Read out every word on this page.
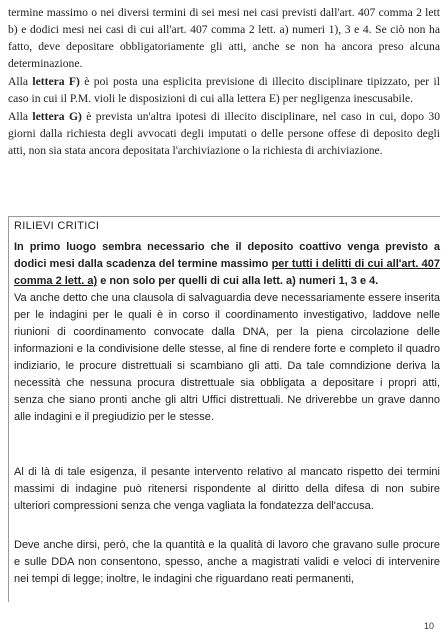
termine massimo o nei diversi termini di sei mesi nei casi previsti dall'art. 407 comma 2 lett b) e dodici mesi nei casi di cui all'art. 407 comma 2 lett. a) numeri 1), 3 e 4. Se ciò non ha fatto, deve depositare obbligatoriamente gli atti, anche se non ha ancora preso alcuna determinazione.

Alla lettera F) è poi posta una esplicita previsione di illecito disciplinare tipizzato, per il caso in cui il P.M. violi le disposizioni di cui alla lettera E) per negligenza inescusabile.

Alla lettera G) è prevista un'altra ipotesi di illecito disciplinare, nel caso in cui, dopo 30 giorni dalla richiesta degli avvocati degli imputati o delle persone offese di deposito degli atti, non sia stata ancora depositata l'archiviazione o la richiesta di archiviazione.

RILIEVI CRITICI

In primo luogo sembra necessario che il deposito coattivo venga previsto a dodici mesi dalla scadenza del termine massimo per tutti i delitti di cui all'art. 407 comma 2 lett. a) e non solo per quelli di cui alla lett. a) numeri 1, 3 e 4.

Va anche detto che una clausola di salvaguardia deve necessariamente essere inserita per le indagini per le quali è in corso il coordinamento investigativo, laddove nelle riunioni di coordinamento convocate dalla DNA, per la piena circolazione delle informazioni e la condivisione delle stesse, al fine di rendere forte e completo il quadro indiziario, le procure distrettuali si scambiano gli atti. Da tale comndizione deriva la necessità che nessuna procura distrettuale sia obbligata a depositare i propri atti, senza che siano pronti anche gli altri Uffici distrettuali. Ne driverebbe un grave danno alle indagini e il pregiudizio per le stesse.

Al di là di tale esigenza, il pesante intervento relativo al mancato rispetto dei termini massimi di indagine può ritenersi rispondente al diritto della difesa di non subire ulteriori compressioni senza che venga vagliata la fondatezza dell'accusa.
Deve anche dirsi, però, che la quantità e la qualità di lavoro che gravano sulle procure e sulle DDA non consentono, spesso, anche a magistrati validi e veloci di intervenire nei tempi di legge; inoltre, le indagini che riguardano reati permanenti,
10
